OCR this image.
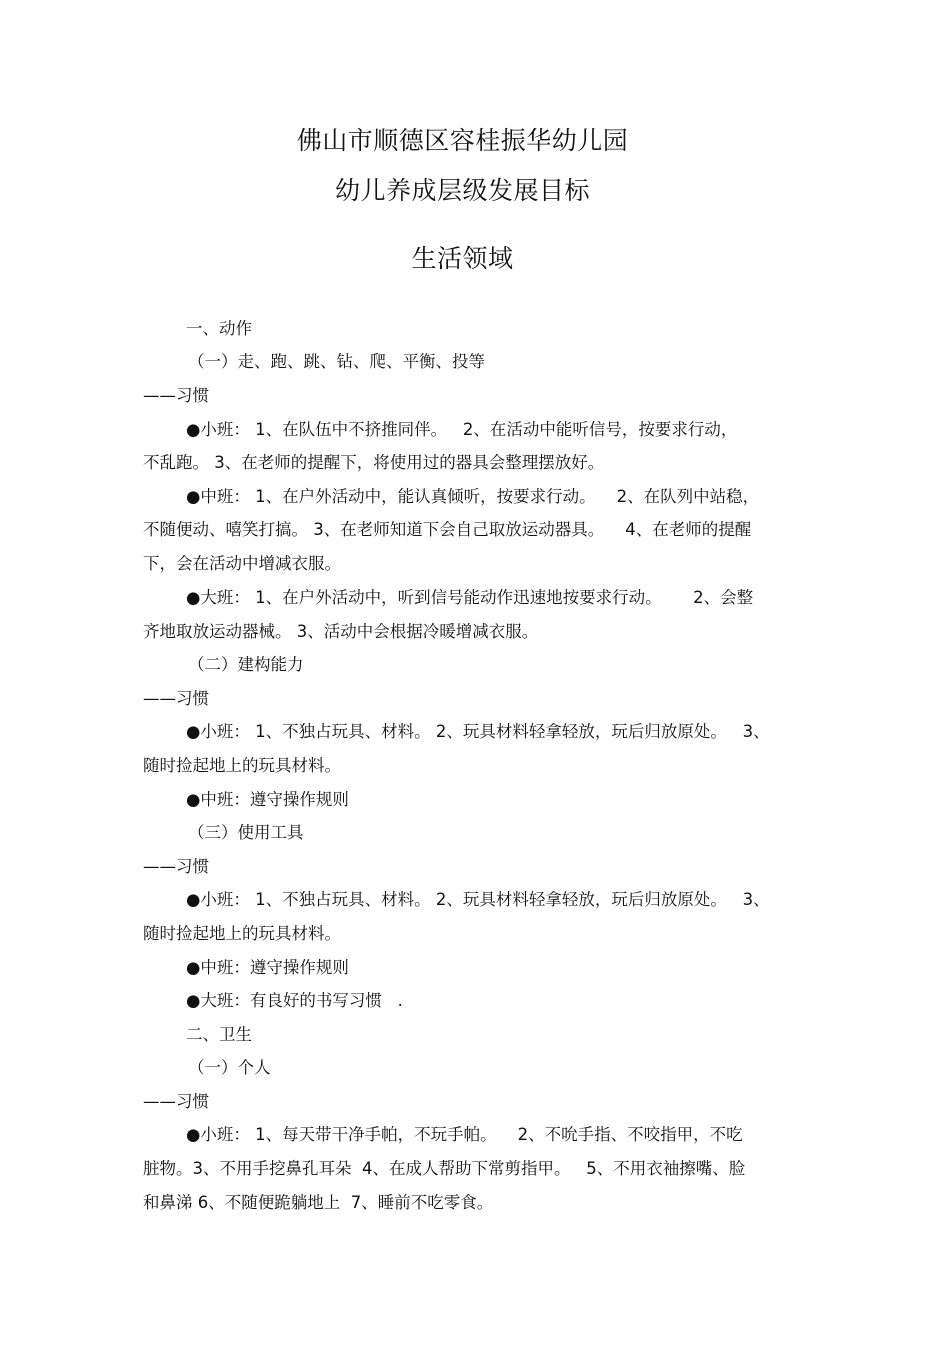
佛山市顺德区容桂振华幼儿园
幼儿养成层级发展目标
生活领域
一、动作
（一）走、跑、跳、钻、爬、平衡、投等
——习惯
●小班： 1、在队伍中不挤推同伴。   2、在活动中能听信号，按要求行动，
不乱跑。 3、在老师的提醒下，将使用过的器具会整理摆放好。
●中班： 1、在户外活动中，能认真倾听，按要求行动。    2、在队列中站稳，
不随便动、嘻笑打搞。 3、在老师知道下会自己取放运动器具。    4、在老师的提醒
下，会在活动中增减衣服。
●大班： 1、在户外活动中，听到信号能动作迅速地按要求行动。      2、会整
齐地取放运动器械。 3、活动中会根据冷暖增减衣服。
（二）建构能力
——习惯
●小班： 1、不独占玩具、材料。 2、玩具材料轻拿轻放，玩后归放原处。   3、
随时捡起地上的玩具材料。
●中班：遵守操作规则
（三）使用工具
——习惯
●小班： 1、不独占玩具、材料。 2、玩具材料轻拿轻放，玩后归放原处。   3、
随时捡起地上的玩具材料。
●中班：遵守操作规则
●大班：有良好的书写习惯   .
二、卫生
（一）个人
——习惯
●小班： 1、每天带干净手帕，不玩手帕。    2、不吮手指、不咬指甲，不吃
脏物。3、不用手挖鼻孔耳朵  4、在成人帮助下常剪指甲。   5、不用衣袖擦嘴、脸
和鼻涕 6、不随便跪躺地上  7、睡前不吃零食。
